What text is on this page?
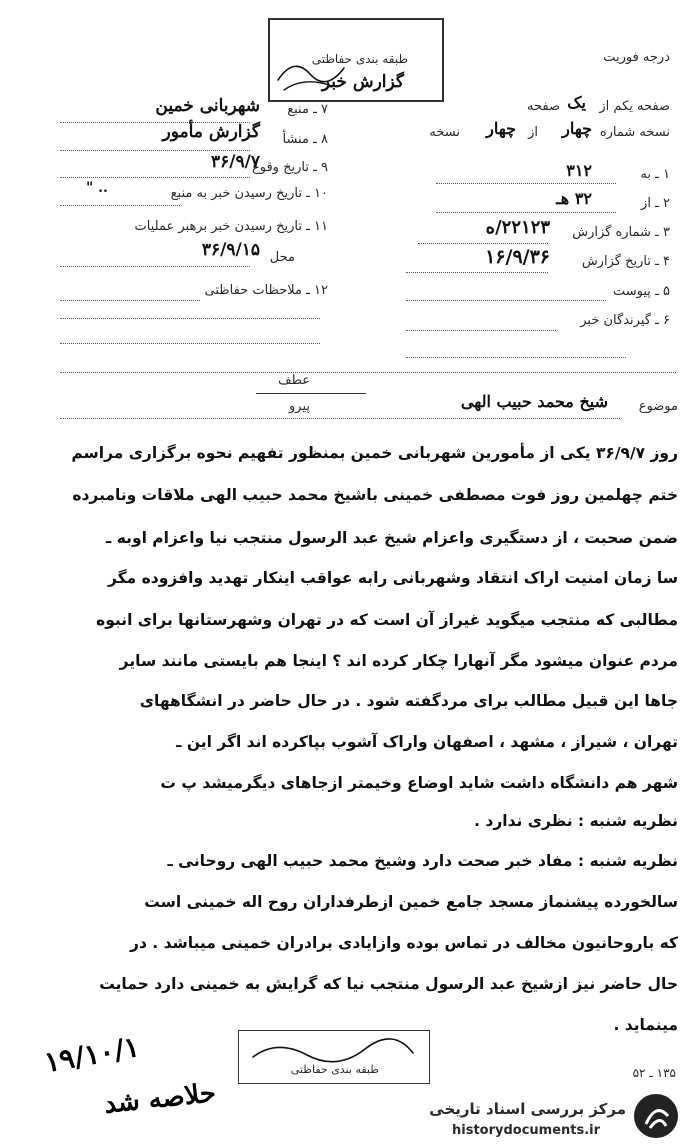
طبقه بندی حفاظتی
گزارش خبر
درجه فوریت
شهربانی خمین ۷ ـ منبع
گزارش مأمور ۸ ـ منشأ
۳۶/۹/۷
۹ ـ تاریخ وقوع
۱۰ ـ تاریخ رسیدن خبر به منبع
" ..
۱۱ ـ تاریخ رسیدن خبر برهبر عملیات
۳۶/۹/۱۵ محل
۱۲ ـ ملاحظات حفاظتی
صفحه یکم از
یک
صفحه
نسخه شماره
چهار
از
چهار
نسخه
۱ ـ به
۳۱۲
۲ ـ از
۳۲ هـ
۳ ـ شماره گزارش
۲۲۱۲۳/ه
۴ ـ تاریخ گزارش
۱۶/۹/۳۶
۵ ـ پیوست
۶ ـ گیرندگان خبر
عطف
پیرو	موضوع
شیخ محمد حبیب الهی
روز ۳۶/۹/۷ یکی از مأمورین شهربانی خمین بمنظور تفهیم نحوه برگزاری مراسم
ختم چهلمین روز فوت مصطفی خمینی باشیخ محمد حبیب الهی ملاقات ونامبرده
ضمن صحبت ، از دستگیری واعزام شیخ عبد الرسول منتجب نیا واعزام اوبه ـ
سا زمان امنیت اراک انتقاد وشهربانی رابه عواقب اینکار تهدید وافزوده مگر
مطالبی که منتجب میگوید غیراز آن است که در تهران وشهرستانها برای انبوه
مردم عنوان میشود مگر آنهارا چکار کرده اند ؟ اینجا هم بایستی مانند سایر
جاها این قبیل مطالب برای مردگفته شود . در حال حاضر در انشگاههای
تهران ، شیراز ، مشهد ، اصفهان واراک آشوب بپاکرده اند اگر این ـ
شهر هم دانشگاه داشت شاید اوضاع وخیمتر ازجاهای دیگرمیشد پ ت
نظریه شنبه : نظری ندارد .
نظریه شنبه : مفاد خبر صحت دارد وشیخ محمد حبیب الهی روحانی ـ
سالخورده پیشنماز مسجد جامع خمین ازطرفداران روح اله خمینی است
که باروحانیون مخالف در تماس بوده وازایادی برادران خمینی میباشد . در
حال حاضر نیز ازشیخ عبد الرسول منتجب نیا که گرایش به خمینی دارد حمایت
مینماید .
طبقه بندی حفاظتی	۱۳۵ ـ ۵۲
۱۹/۱۰/۱
حلاصه شد	مرکز بررسی اسناد تاریخی
historydocuments.ir
